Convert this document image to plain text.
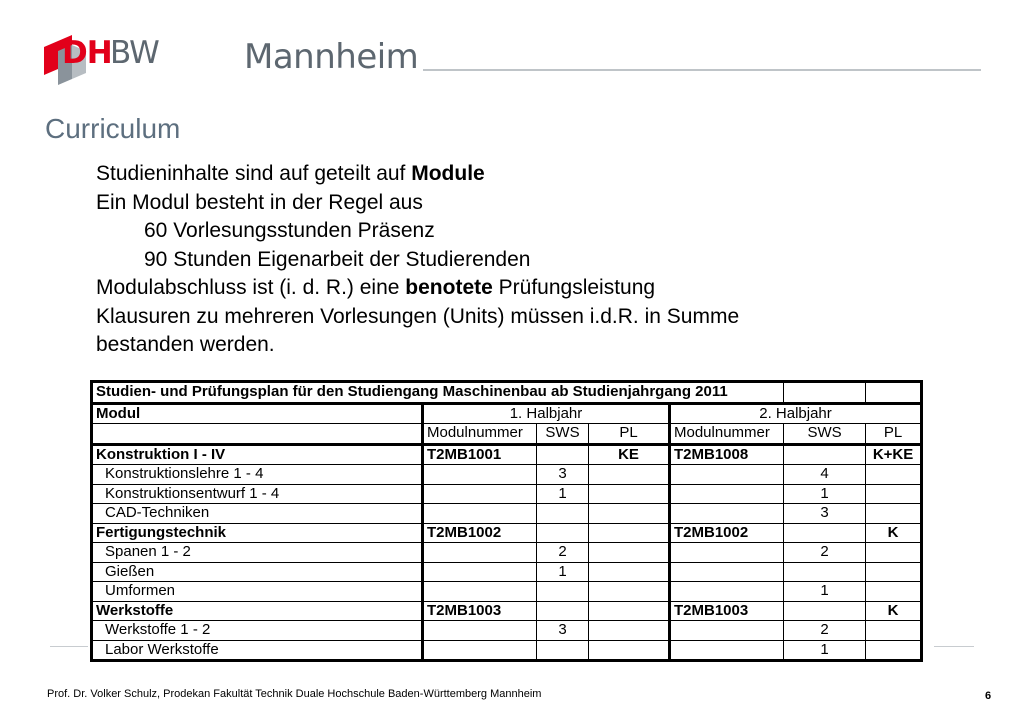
DH
BW	Mannheim
Curriculum
Studieninhalte sind auf geteilt auf Module
Ein Modul besteht in der Regel aus
60 Vorlesungsstunden Präsenz
90 Stunden Eigenarbeit der Studierenden
Modulabschluss ist (i. d. R.) eine benotete Prüfungsleistung
Klausuren zu mehreren Vorlesungen (Units) müssen i.d.R. in Summe
bestanden werden.
Studien- und Prüfungsplan für den Studiengang Maschinenbau ab Studienjahrgang 2011						
Modul	1. Halbjahr			2. Halbjahr		
	Modulnummer	SWS	PL	Modulnummer	SWS	PL
Konstruktion I - IV	T2MB1001		KE	T2MB1008		K+KE
Konstruktionslehre 1 - 4		3			4	
Konstruktionsentwurf 1 - 4		1			1	
CAD-Techniken					3	
Fertigungstechnik	T2MB1002			T2MB1002		K
Spanen 1 - 2		2			2	
Gießen		1				
Umformen					1	
Werkstoffe	T2MB1003			T2MB1003		K
Werkstoffe 1 - 2		3			2	
Labor Werkstoffe					1	
Prof. Dr. Volker Schulz, Prodekan Fakultät Technik Duale Hochschule Baden-Württemberg Mannheim	6
